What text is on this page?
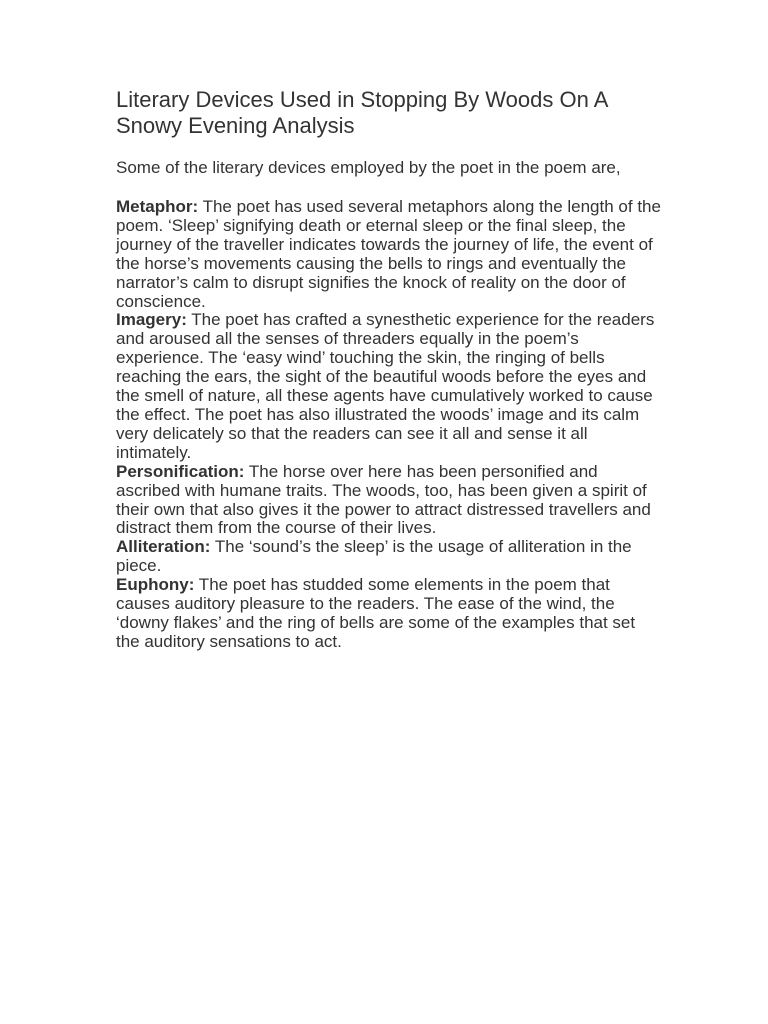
Literary Devices Used in Stopping By Woods On A Snowy Evening Analysis

Some of the literary devices employed by the poet in the poem are,

Metaphor: The poet has used several metaphors along the length of the poem. ‘Sleep’ signifying death or eternal sleep or the final sleep, the journey of the traveller indicates towards the journey of life, the event of the horse’s movements causing the bells to rings and eventually the narrator’s calm to disrupt signifies the knock of reality on the door of conscience.

Imagery: The poet has crafted a synesthetic experience for the readers and aroused all the senses of threaders equally in the poem’s experience. The ‘easy wind’ touching the skin, the ringing of bells reaching the ears, the sight of the beautiful woods before the eyes and the smell of nature, all these agents have cumulatively worked to cause the effect. The poet has also illustrated the woods’ image and its calm very delicately so that the readers can see it all and sense it all intimately.

Personification: The horse over here has been personified and ascribed with humane traits. The woods, too, has been given a spirit of their own that also gives it the power to attract distressed travellers and distract them from the course of their lives.

Alliteration: The ‘sound’s the sleep’ is the usage of alliteration in the piece.

Euphony: The poet has studded some elements in the poem that causes auditory pleasure to the readers. The ease of the wind, the ‘downy flakes’ and the ring of bells are some of the examples that set the auditory sensations to act.
